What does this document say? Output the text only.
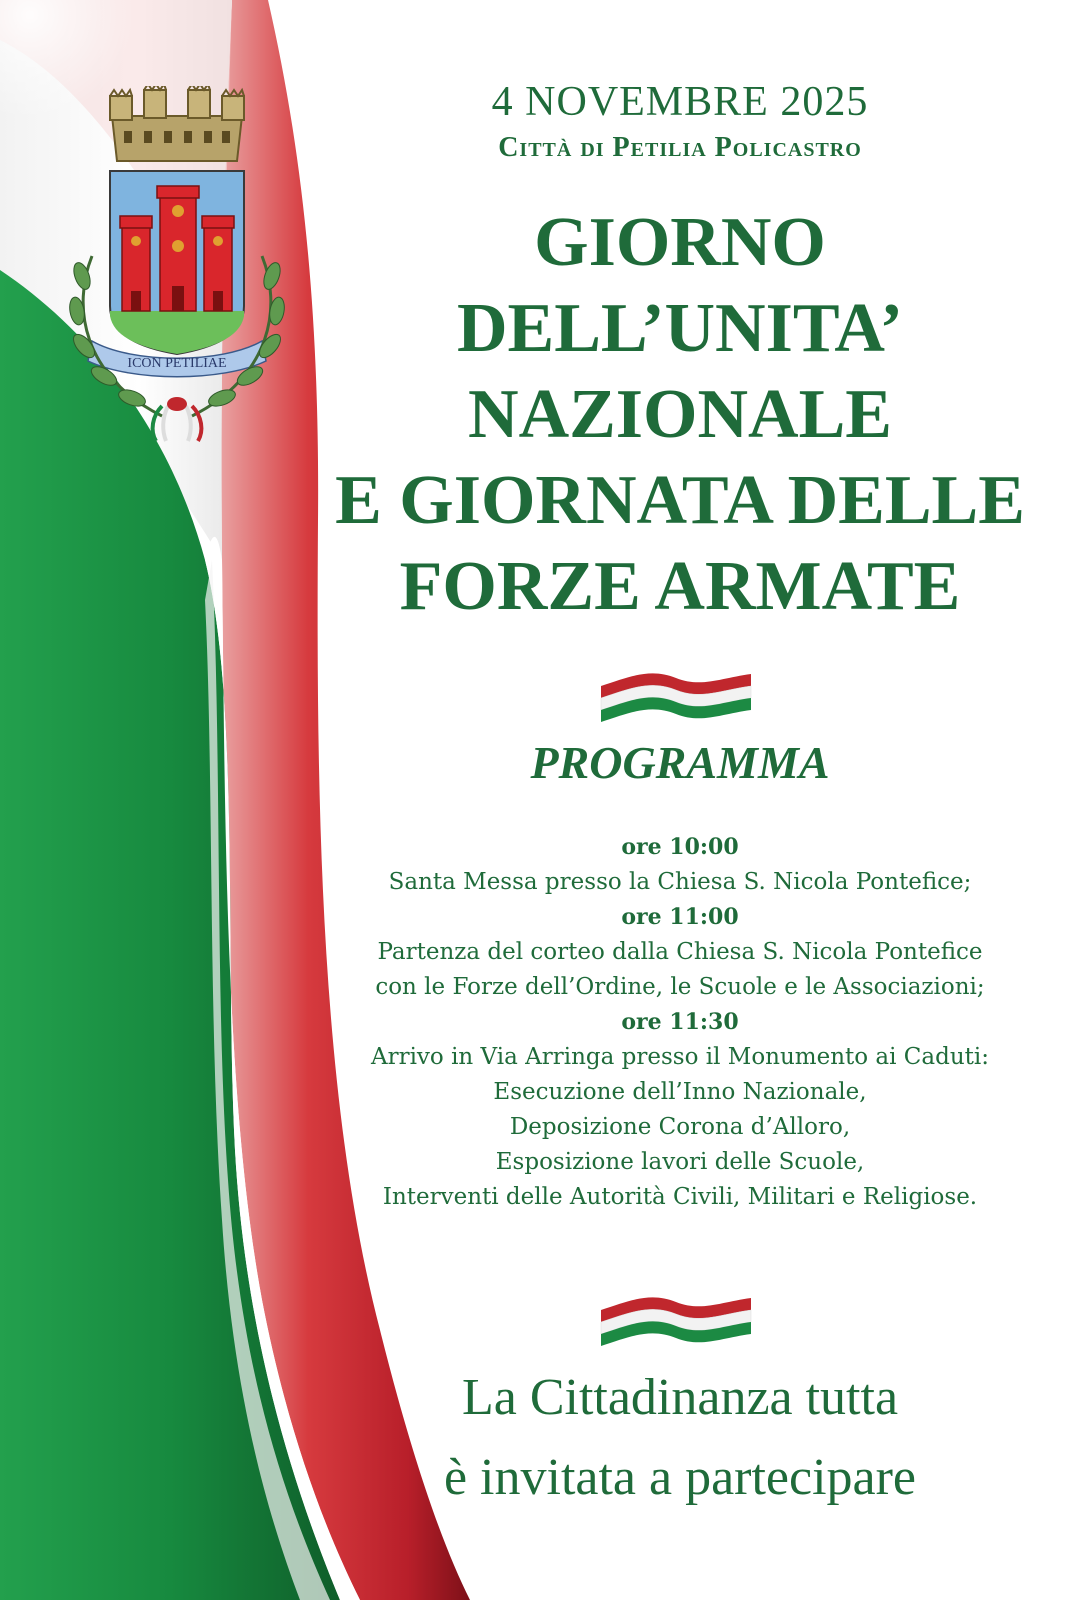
ICON PETILIAE
4 NOVEMBRE 2025
Città di Petilia Policastro
GIORNO
DELL’UNITA’
NAZIONALE
E GIORNATA DELLE
FORZE ARMATE
PROGRAMMA
ore 10:00
Santa Messa presso la Chiesa S. Nicola Pontefice;
ore 11:00
Partenza del corteo dalla Chiesa S. Nicola Pontefice
con le Forze dell’Ordine, le Scuole e le Associazioni;
ore 11:30
Arrivo in Via Arringa presso il Monumento ai Caduti:
Esecuzione dell’Inno Nazionale,
Deposizione Corona d’Alloro,
Esposizione lavori delle Scuole,
Interventi delle Autorità Civili, Militari e Religiose.
La Cittadinanza tutta
è invitata a partecipare
